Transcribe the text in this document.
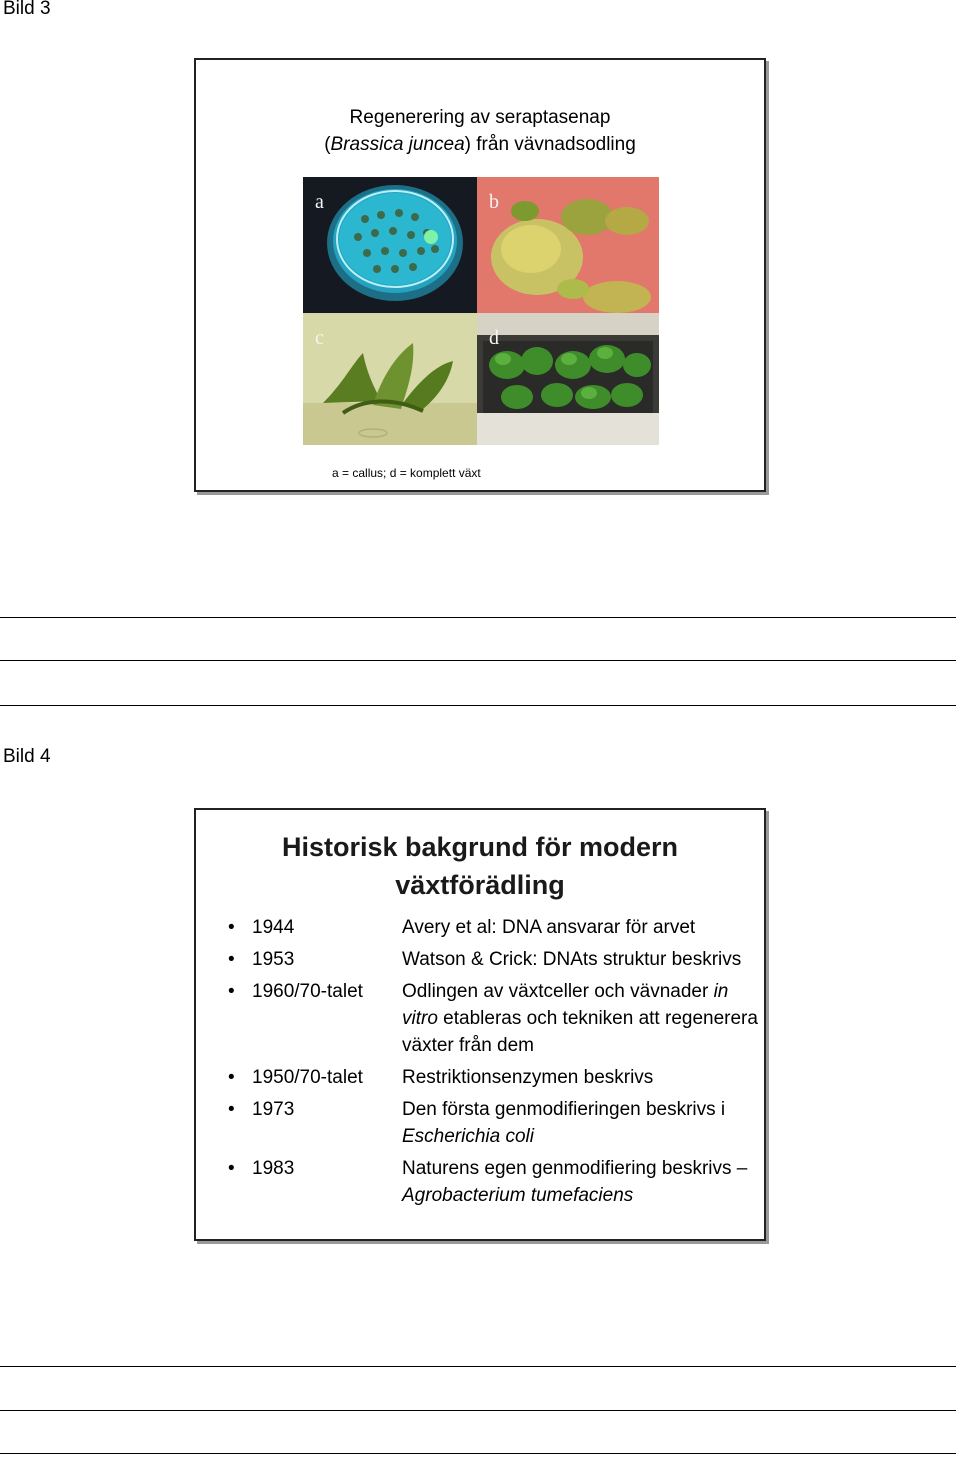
Bild 3
Regenerering av seraptasenap
(Brassica juncea) från vävnadsodling
a	b
c	d
a = callus; d = komplett växt
Bild 4
Historisk bakgrund för modern
växtförädling
• 1944	Avery et al: DNA ansvarar för arvet
• 1953	Watson & Crick: DNAts struktur beskrivs
• 1960/70-talet Odlingen av växtceller och vävnader in vitro etableras och tekniken att regenerera växter från dem
• 1950/70-talet Restriktionsenzymen beskrivs
• 1973	Den första genmodifieringen beskrivs i Escherichia coli
• 1983	Naturens egen genmodifiering beskrivs – Agrobacterium tumefaciens
